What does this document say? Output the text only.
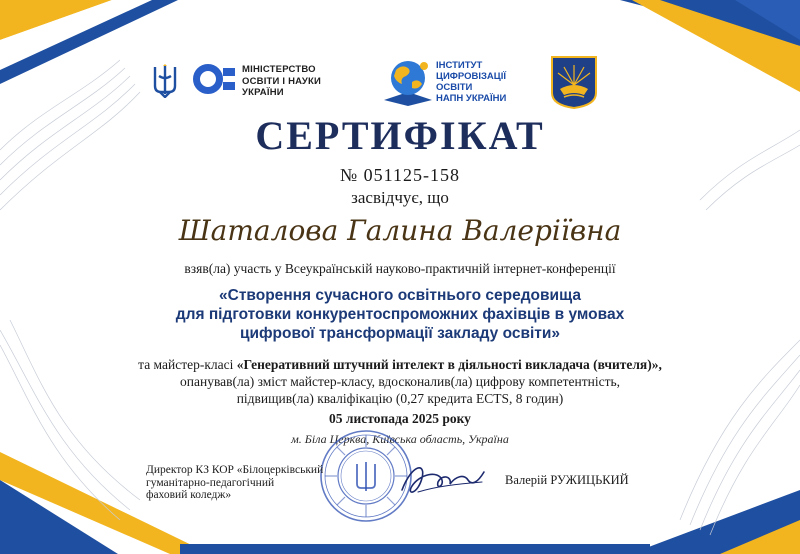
МІНІСТЕРСТВО
ОСВІТИ І НАУКИ
УКРАЇНИ
ІНСТИТУТ
ЦИФРОВІЗАЦІЇ
ОСВІТИ
НАПН УКРАЇНИ
СЕРТИФІКАТ
№ 051125-158
засвідчує, що
Шаталова Галина Валеріївна
взяв(ла) участь у Всеукраїнській науково-практичній інтернет-конференції
«Створення сучасного освітнього середовища
для підготовки конкурентоспроможних фахівців в умовах
цифрової трансформації закладу освіти»
та майстер-класі «Генеративний штучний інтелект в діяльності викладача (вчителя)»,
опанував(ла) зміст майстер-класу, вдосконалив(ла) цифрову компетентність,
підвищив(ла) кваліфікацію (0,27 кредита ECTS, 8 годин)
05 листопада 2025 року
м. Біла Церква, Київська область, Україна
Директор КЗ КОР «Білоцерківський
гуманітарно-педагогічний
фаховий коледж»
Валерій РУЖИЦЬКИЙ
